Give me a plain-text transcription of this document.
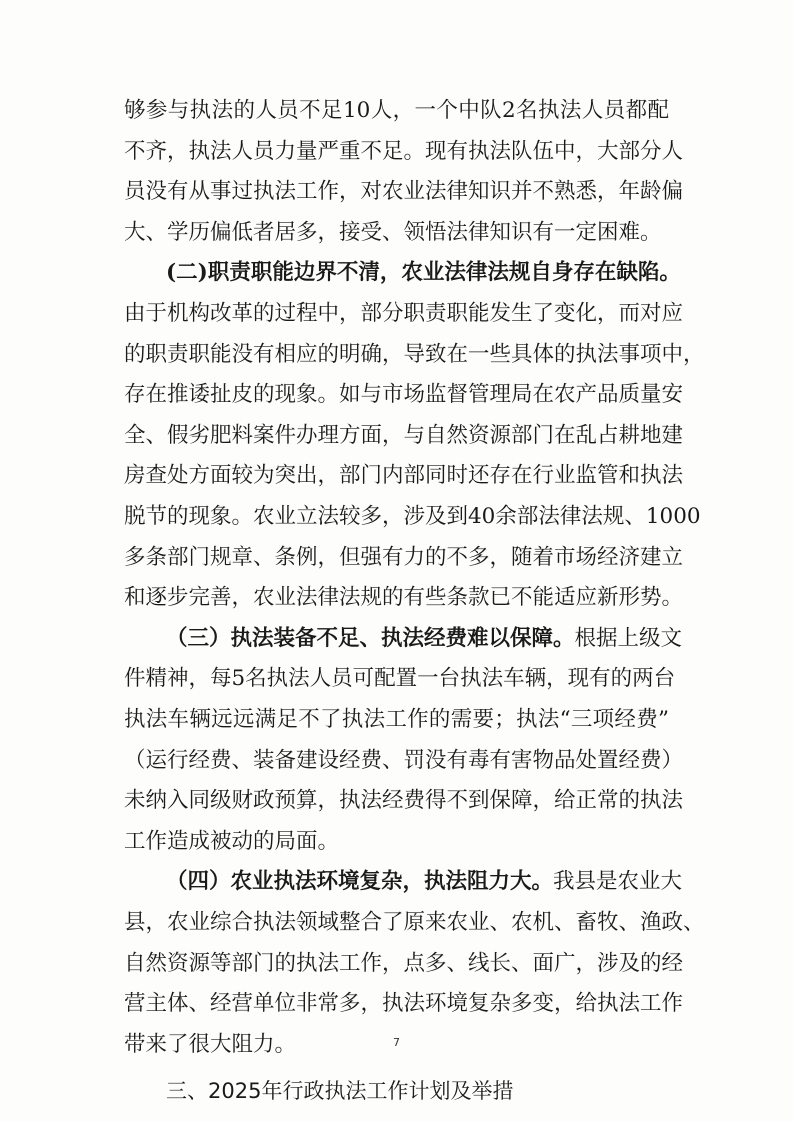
够参与执法的人员不足10人，一个中队2名执法人员都配
不齐，执法人员力量严重不足。现有执法队伍中，大部分人
员没有从事过执法工作，对农业法律知识并不熟悉，年龄偏
大、学历偏低者居多，接受、领悟法律知识有一定困难。
(二)职责职能边界不清，农业法律法规自身存在缺陷。
由于机构改革的过程中，部分职责职能发生了变化，而对应
的职责职能没有相应的明确，导致在一些具体的执法事项中，
存在推诿扯皮的现象。如与市场监督管理局在农产品质量安
全、假劣肥料案件办理方面，与自然资源部门在乱占耕地建
房查处方面较为突出，部门内部同时还存在行业监管和执法
脱节的现象。农业立法较多，涉及到40余部法律法规、1000
多条部门规章、条例，但强有力的不多，随着市场经济建立
和逐步完善，农业法律法规的有些条款已不能适应新形势。
（三）执法装备不足、执法经费难以保障。根据上级文
件精神，每5名执法人员可配置一台执法车辆，现有的两台
执法车辆远远满足不了执法工作的需要；执法“三项经费”
（运行经费、装备建设经费、罚没有毒有害物品处置经费）
未纳入同级财政预算，执法经费得不到保障，给正常的执法
工作造成被动的局面。
（四）农业执法环境复杂，执法阻力大。我县是农业大
县，农业综合执法领域整合了原来农业、农机、畜牧、渔政、
自然资源等部门的执法工作，点多、线长、面广，涉及的经
7
营主体、经营单位非常多，执法环境复杂多变，给执法工作
带来了很大阻力。
三、2025年行政执法工作计划及举措
